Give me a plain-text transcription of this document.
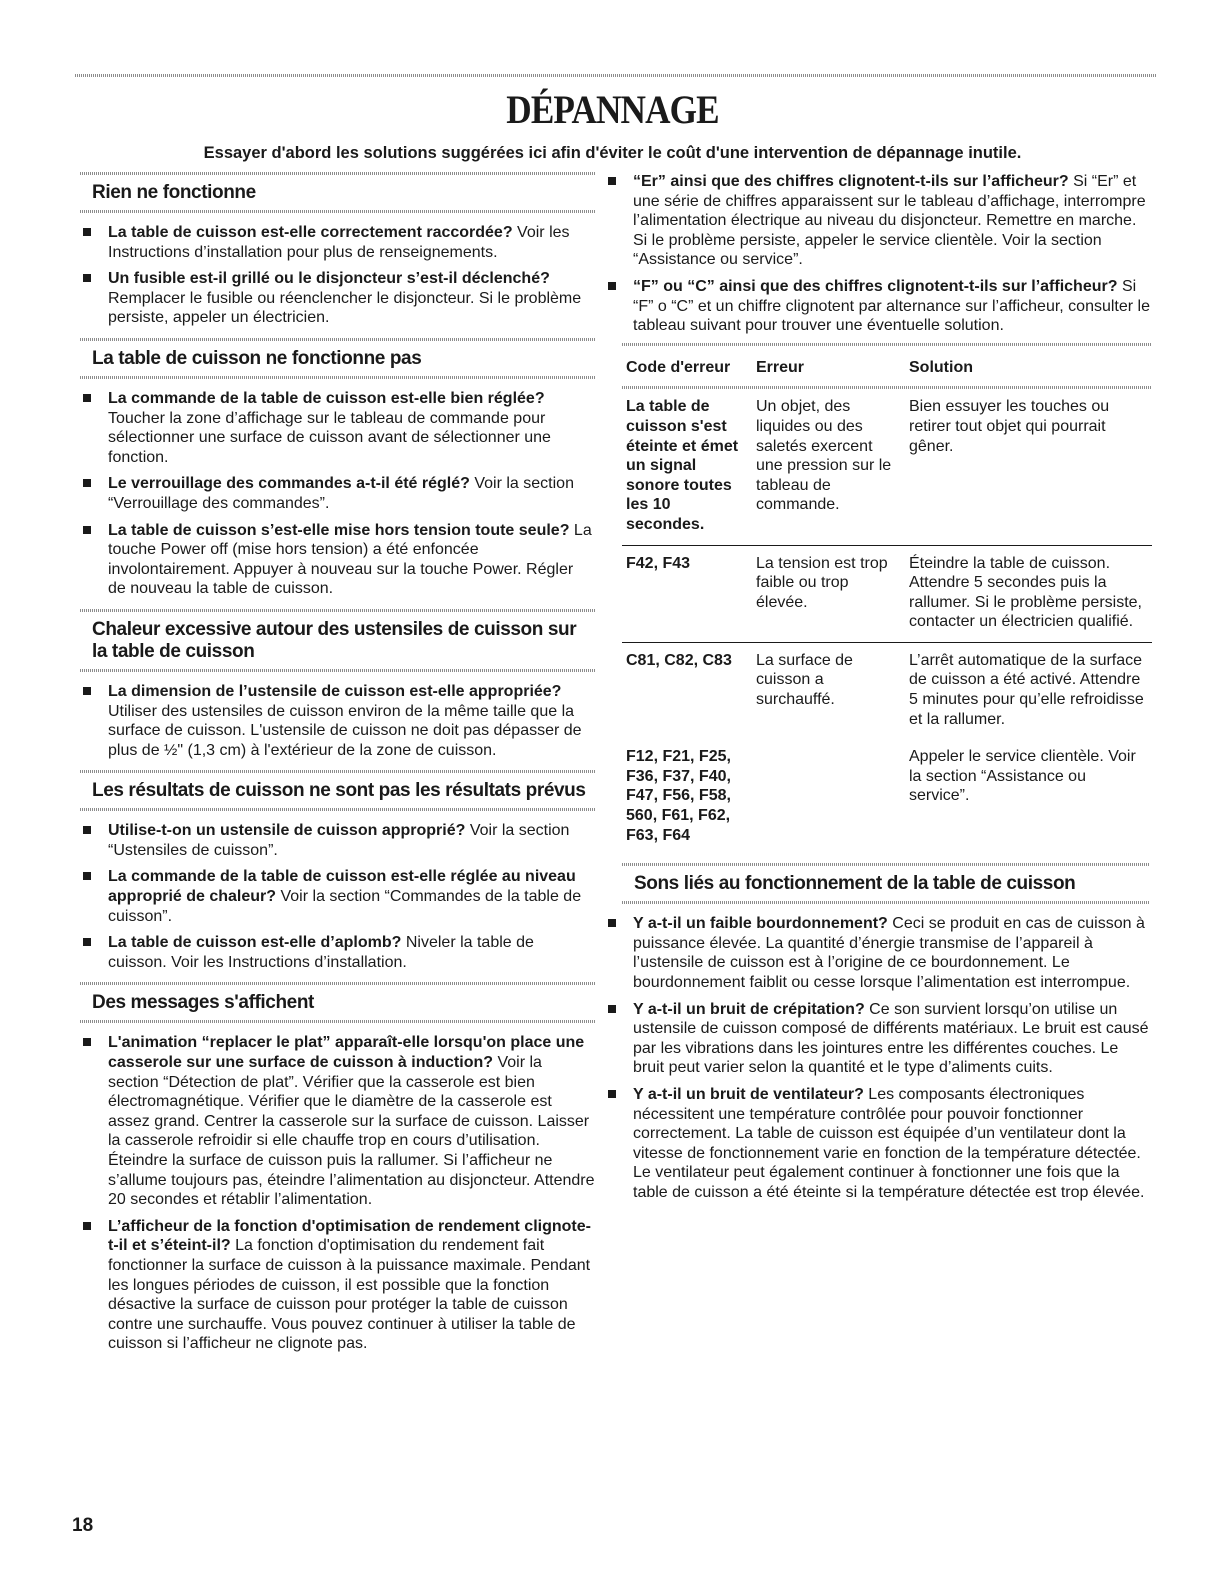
DÉPANNAGE
Essayer d'abord les solutions suggérées ici afin d'éviter le coût d'une intervention de dépannage inutile.
Rien ne fonctionne
La table de cuisson est-elle correctement raccordée? Voir les Instructions d’installation pour plus de renseignements.
Un fusible est-il grillé ou le disjoncteur s’est-il déclenché? Remplacer le fusible ou réenclencher le disjoncteur. Si le problème persiste, appeler un électricien.
La table de cuisson ne fonctionne pas
La commande de la table de cuisson est-elle bien réglée? Toucher la zone d’affichage sur le tableau de commande pour sélectionner une surface de cuisson avant de sélectionner une fonction.
Le verrouillage des commandes a-t-il été réglé? Voir la section “Verrouillage des commandes”.
La table de cuisson s’est-elle mise hors tension toute seule? La touche Power off (mise hors tension) a été enfoncée involontairement. Appuyer à nouveau sur la touche Power. Régler de nouveau la table de cuisson.
Chaleur excessive autour des ustensiles de cuisson sur la table de cuisson
La dimension de l’ustensile de cuisson est-elle appropriée? Utiliser des ustensiles de cuisson environ de la même taille que la surface de cuisson. L'ustensile de cuisson ne doit pas dépasser de plus de ½" (1,3 cm) à l'extérieur de la zone de cuisson.
Les résultats de cuisson ne sont pas les résultats prévus
Utilise-t-on un ustensile de cuisson approprié? Voir la section “Ustensiles de cuisson”.
La commande de la table de cuisson est-elle réglée au niveau approprié de chaleur? Voir la section “Commandes de la table de cuisson”.
La table de cuisson est-elle d’aplomb? Niveler la table de cuisson. Voir les Instructions d’installation.
Des messages s'affichent
L'animation “replacer le plat” apparaît-elle lorsqu'on place une casserole sur une surface de cuisson à induction? Voir la section “Détection de plat”. Vérifier que la casserole est bien électromagnétique. Vérifier que le diamètre de la casserole est assez grand. Centrer la casserole sur la surface de cuisson. Laisser la casserole refroidir si elle chauffe trop en cours d’utilisation. Éteindre la surface de cuisson puis la rallumer. Si l’afficheur ne s’allume toujours pas, éteindre l’alimentation au disjoncteur. Attendre 20 secondes et rétablir l’alimentation.
L’afficheur de la fonction d'optimisation de rendement clignote-t-il et s’éteint-il? La fonction d'optimisation du rendement fait fonctionner la surface de cuisson à la puissance maximale. Pendant les longues périodes de cuisson, il est possible que la fonction désactive la surface de cuisson pour protéger la table de cuisson contre une surchauffe. Vous pouvez continuer à utiliser la table de cuisson si l’afficheur ne clignote pas.
“Er” ainsi que des chiffres clignotent-t-ils sur l’afficheur? Si “Er” et une série de chiffres apparaissent sur le tableau d’affichage, interrompre l’alimentation électrique au niveau du disjoncteur. Remettre en marche. Si le problème persiste, appeler le service clientèle. Voir la section “Assistance ou service”.
“F” ou “C” ainsi que des chiffres clignotent-t-ils sur l’afficheur? Si “F” o “C” et un chiffre clignotent par alternance sur l’afficheur, consulter le tableau suivant pour trouver une éventuelle solution.
Code d'erreur	Erreur	Solution

La table de cuisson s'est éteinte et émet un signal sonore toutes les 10 secondes.	Un objet, des liquides ou des saletés exercent une pression sur le tableau de commande.	Bien essuyer les touches ou retirer tout objet qui pourrait gêner.
F42, F43	La tension est trop faible ou trop élevée.	Éteindre la table de cuisson. Attendre 5 secondes puis la rallumer. Si le problème persiste, contacter un électricien qualifié.
C81, C82, C83	La surface de cuisson a surchauffé.	L’arrêt automatique de la surface de cuisson a été activé. Attendre 5 minutes pour qu’elle refroidisse et la rallumer.
F12, F21, F25, F36, F37, F40, F47, F56, F58, 560, F61, F62, F63, F64		Appeler le service clientèle. Voir la section “Assistance ou service”.
Sons liés au fonctionnement de la table de cuisson
Y a-t-il un faible bourdonnement? Ceci se produit en cas de cuisson à puissance élevée. La quantité d’énergie transmise de l’appareil à l’ustensile de cuisson est à l’origine de ce bourdonnement. Le bourdonnement faiblit ou cesse lorsque l’alimentation est interrompue.
Y a-t-il un bruit de crépitation? Ce son survient lorsqu’on utilise un ustensile de cuisson composé de différents matériaux. Le bruit est causé par les vibrations dans les jointures entre les différentes couches. Le bruit peut varier selon la quantité et le type d’aliments cuits.
Y a-t-il un bruit de ventilateur? Les composants électroniques nécessitent une température contrôlée pour pouvoir fonctionner correctement. La table de cuisson est équipée d’un ventilateur dont la vitesse de fonctionnement varie en fonction de la température détectée. Le ventilateur peut également continuer à fonctionner une fois que la table de cuisson a été éteinte si la température détectée est trop élevée.
18
